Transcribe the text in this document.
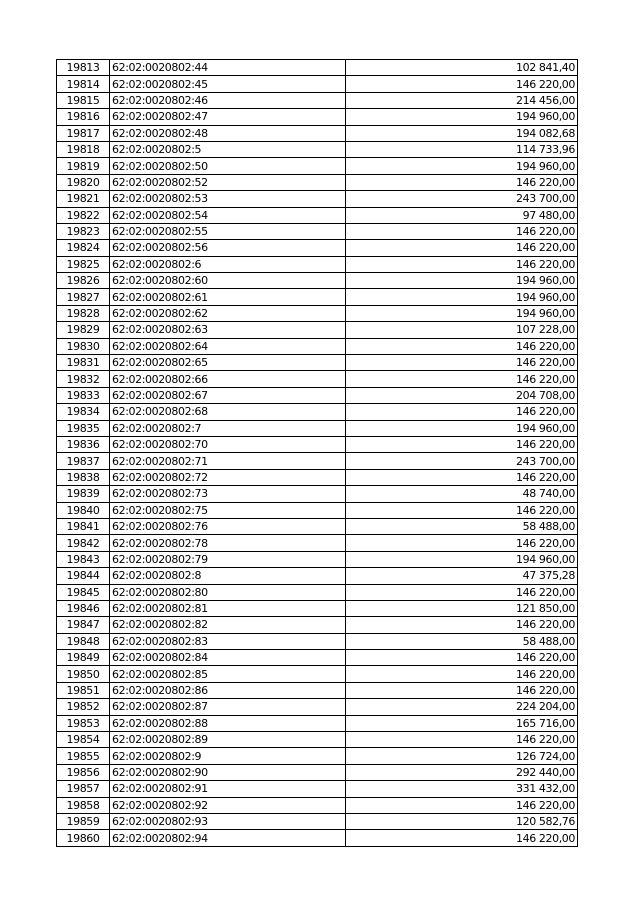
19813	62:02:0020802:44	102 841,40
19814	62:02:0020802:45	146 220,00
19815	62:02:0020802:46	214 456,00
19816	62:02:0020802:47	194 960,00
19817	62:02:0020802:48	194 082,68
19818	62:02:0020802:5	114 733,96
19819	62:02:0020802:50	194 960,00
19820	62:02:0020802:52	146 220,00
19821	62:02:0020802:53	243 700,00
19822	62:02:0020802:54	97 480,00
19823	62:02:0020802:55	146 220,00
19824	62:02:0020802:56	146 220,00
19825	62:02:0020802:6	146 220,00
19826	62:02:0020802:60	194 960,00
19827	62:02:0020802:61	194 960,00
19828	62:02:0020802:62	194 960,00
19829	62:02:0020802:63	107 228,00
19830	62:02:0020802:64	146 220,00
19831	62:02:0020802:65	146 220,00
19832	62:02:0020802:66	146 220,00
19833	62:02:0020802:67	204 708,00
19834	62:02:0020802:68	146 220,00
19835	62:02:0020802:7	194 960,00
19836	62:02:0020802:70	146 220,00
19837	62:02:0020802:71	243 700,00
19838	62:02:0020802:72	146 220,00
19839	62:02:0020802:73	48 740,00
19840	62:02:0020802:75	146 220,00
19841	62:02:0020802:76	58 488,00
19842	62:02:0020802:78	146 220,00
19843	62:02:0020802:79	194 960,00
19844	62:02:0020802:8	47 375,28
19845	62:02:0020802:80	146 220,00
19846	62:02:0020802:81	121 850,00
19847	62:02:0020802:82	146 220,00
19848	62:02:0020802:83	58 488,00
19849	62:02:0020802:84	146 220,00
19850	62:02:0020802:85	146 220,00
19851	62:02:0020802:86	146 220,00
19852	62:02:0020802:87	224 204,00
19853	62:02:0020802:88	165 716,00
19854	62:02:0020802:89	146 220,00
19855	62:02:0020802:9	126 724,00
19856	62:02:0020802:90	292 440,00
19857	62:02:0020802:91	331 432,00
19858	62:02:0020802:92	146 220,00
19859	62:02:0020802:93	120 582,76
19860	62:02:0020802:94	146 220,00
